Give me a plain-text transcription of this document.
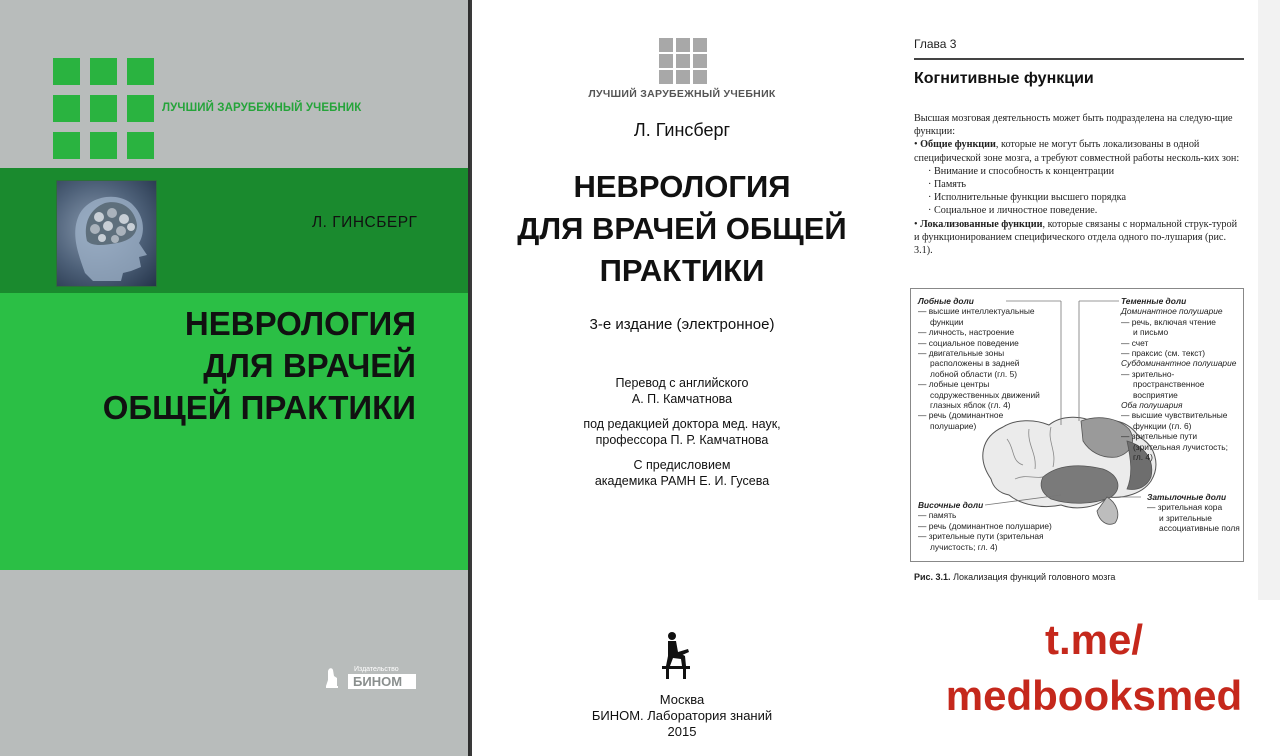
ЛУЧШИЙ ЗАРУБЕЖНЫЙ УЧЕБНИК
Л. ГИНСБЕРГ
НЕВРОЛОГИЯ
ДЛЯ ВРАЧЕЙ
ОБЩЕЙ ПРАКТИКИ
Издательство
БИНОМ
ЛУЧШИЙ ЗАРУБЕЖНЫЙ УЧЕБНИК
Л. Гинсберг
НЕВРОЛОГИЯ
ДЛЯ ВРАЧЕЙ ОБЩЕЙ
ПРАКТИКИ
3-е издание (электронное)
Перевод с английского
А. П. Камчатнова
под редакцией доктора мед. наук,
профессора П. Р. Камчатнова
С предисловием
академика РАМН Е. И. Гусева
Москва
БИНОМ. Лаборатория знаний
2015
Глава 3
Когнитивные функции

Высшая мозговая деятельность может быть подразделена на следую-щие функции:

• Общие функции, которые не могут быть локализованы в одной специфической зоне мозга, а требуют совместной работы несколь-ких зон:

· Внимание и способность к концентрации

· Память

· Исполнительные функции высшего порядка

· Социальное и личностное поведение.

• Локализованные функции, которые связаны с нормальной струк-турой и функционированием специфического отдела одного по-лушария (рис. 3.1).

Лобные доли
— высшие интеллектуальные
функции
— личность, настроение
— социальное поведение
— двигательные зоны
расположены в задней
лобной области (гл. 5)
— лобные центры
содружественных движений
глазных яблок (гл. 4)
— речь (доминантное
полушарие)
Теменные доли
Доминантное полушарие
— речь, включая чтение
и письмо
— счет
— праксис (см. текст)
Субдоминантное полушарие
— зрительно-
пространственное
восприятие
Оба полушария
— высшие чувствительные
функции (гл. 6)
— зрительные пути
(зрительная лучистость;
гл. 4)
Височные доли
— память
— речь (доминантное полушарие)
— зрительные пути (зрительная
лучистость; гл. 4)
Затылочные доли
— зрительная кора
и зрительные
ассоциативные поля
Рис. 3.1. Локализация функций головного мозга
t.me/
medbooksmed
